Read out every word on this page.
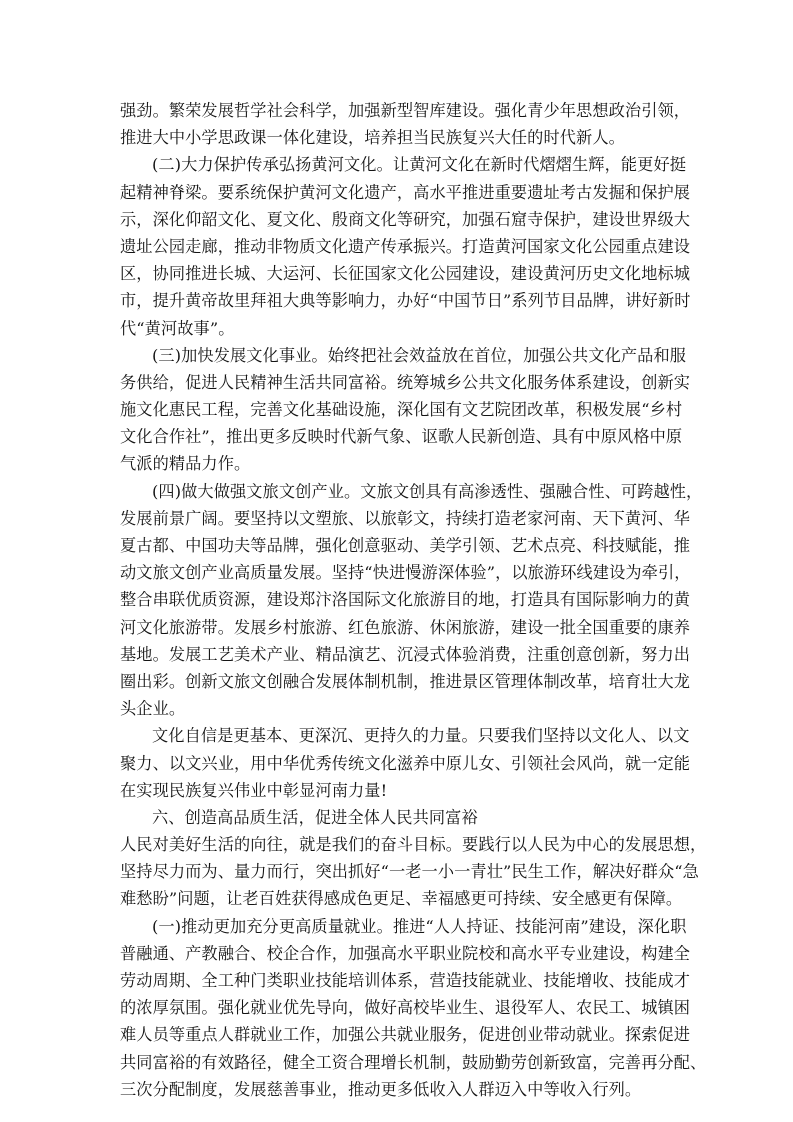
强劲。繁荣发展哲学社会科学，加强新型智库建设。强化青少年思想政治引领，
推进大中小学思政课一体化建设，培养担当民族复兴大任的时代新人。
(二)大力保护传承弘扬黄河文化。让黄河文化在新时代熠熠生辉，能更好挺
起精神脊梁。要系统保护黄河文化遗产，高水平推进重要遗址考古发掘和保护展
示，深化仰韶文化、夏文化、殷商文化等研究，加强石窟寺保护，建设世界级大
遗址公园走廊，推动非物质文化遗产传承振兴。打造黄河国家文化公园重点建设
区，协同推进长城、大运河、长征国家文化公园建设，建设黄河历史文化地标城
市，提升黄帝故里拜祖大典等影响力，办好“中国节日”系列节目品牌，讲好新时
代“黄河故事”。
(三)加快发展文化事业。始终把社会效益放在首位，加强公共文化产品和服
务供给，促进人民精神生活共同富裕。统筹城乡公共文化服务体系建设，创新实
施文化惠民工程，完善文化基础设施，深化国有文艺院团改革，积极发展“乡村
文化合作社”，推出更多反映时代新气象、讴歌人民新创造、具有中原风格中原
气派的精品力作。
(四)做大做强文旅文创产业。文旅文创具有高渗透性、强融合性、可跨越性，
发展前景广阔。要坚持以文塑旅、以旅彰文，持续打造老家河南、天下黄河、华
夏古都、中国功夫等品牌，强化创意驱动、美学引领、艺术点亮、科技赋能，推
动文旅文创产业高质量发展。坚持“快进慢游深体验”，以旅游环线建设为牵引，
整合串联优质资源，建设郑汴洛国际文化旅游目的地，打造具有国际影响力的黄
河文化旅游带。发展乡村旅游、红色旅游、休闲旅游，建设一批全国重要的康养
基地。发展工艺美术产业、精品演艺、沉浸式体验消费，注重创意创新，努力出
圈出彩。创新文旅文创融合发展体制机制，推进景区管理体制改革，培育壮大龙
头企业。
文化自信是更基本、更深沉、更持久的力量。只要我们坚持以文化人、以文
聚力、以文兴业，用中华优秀传统文化滋养中原儿女、引领社会风尚，就一定能
在实现民族复兴伟业中彰显河南力量!
六、创造高品质生活，促进全体人民共同富裕
人民对美好生活的向往，就是我们的奋斗目标。要践行以人民为中心的发展思想，
坚持尽力而为、量力而行，突出抓好“一老一小一青壮”民生工作，解决好群众“急
难愁盼”问题，让老百姓获得感成色更足、幸福感更可持续、安全感更有保障。
(一)推动更加充分更高质量就业。推进“人人持证、技能河南”建设，深化职
普融通、产教融合、校企合作，加强高水平职业院校和高水平专业建设，构建全
劳动周期、全工种门类职业技能培训体系，营造技能就业、技能增收、技能成才
的浓厚氛围。强化就业优先导向，做好高校毕业生、退役军人、农民工、城镇困
难人员等重点人群就业工作，加强公共就业服务，促进创业带动就业。探索促进
共同富裕的有效路径，健全工资合理增长机制，鼓励勤劳创新致富，完善再分配、
三次分配制度，发展慈善事业，推动更多低收入人群迈入中等收入行列。
